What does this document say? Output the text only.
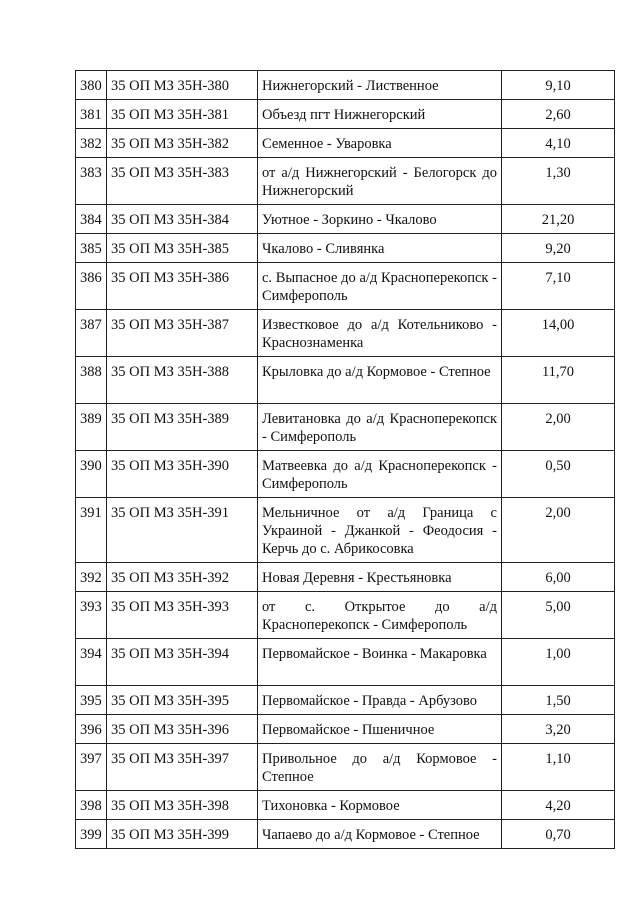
380	35 ОП МЗ 35Н-380	Нижнегорский - Лиственное	9,10
381	35 ОП МЗ 35Н-381	Объезд пгт Нижнегорский	2,60
382	35 ОП МЗ 35Н-382	Семенное - Уваровка	4,10
383	35 ОП МЗ 35Н-383	от а/д Нижнегорский - Белогорск до Нижнегорский	1,30
384	35 ОП МЗ 35Н-384	Уютное - Зоркино - Чкалово	21,20
385	35 ОП МЗ 35Н-385	Чкалово - Сливянка	9,20
386	35 ОП МЗ 35Н-386	с. Выпасное до а/д Красноперекопск - Симферополь	7,10
387	35 ОП МЗ 35Н-387	Известковое до а/д Котельниково - Краснознаменка	14,00
388	35 ОП МЗ 35Н-388	Крыловка до а/д Кормовое - Степное	11,70
389	35 ОП МЗ 35Н-389	Левитановка до а/д Красноперекопск - Симферополь	2,00
390	35 ОП МЗ 35Н-390	Матвеевка до а/д Красноперекопск - Симферополь	0,50
391	35 ОП МЗ 35Н-391	Мельничное от а/д Граница с Украиной - Джанкой - Феодосия - Керчь до с. Абрикосовка	2,00
392	35 ОП МЗ 35Н-392	Новая Деревня - Крестьяновка	6,00
393	35 ОП МЗ 35Н-393	от с. Открытое до а/д Красноперекопск - Симферополь	5,00
394	35 ОП МЗ 35Н-394	Первомайское - Воинка - Макаровка	1,00
395	35 ОП МЗ 35Н-395	Первомайское - Правда - Арбузово	1,50
396	35 ОП МЗ 35Н-396	Первомайское - Пшеничное	3,20
397	35 ОП МЗ 35Н-397	Привольное до а/д Кормовое - Степное	1,10
398	35 ОП МЗ 35Н-398	Тихоновка - Кормовое	4,20
399	35 ОП МЗ 35Н-399	Чапаево до а/д Кормовое - Степное	0,70
